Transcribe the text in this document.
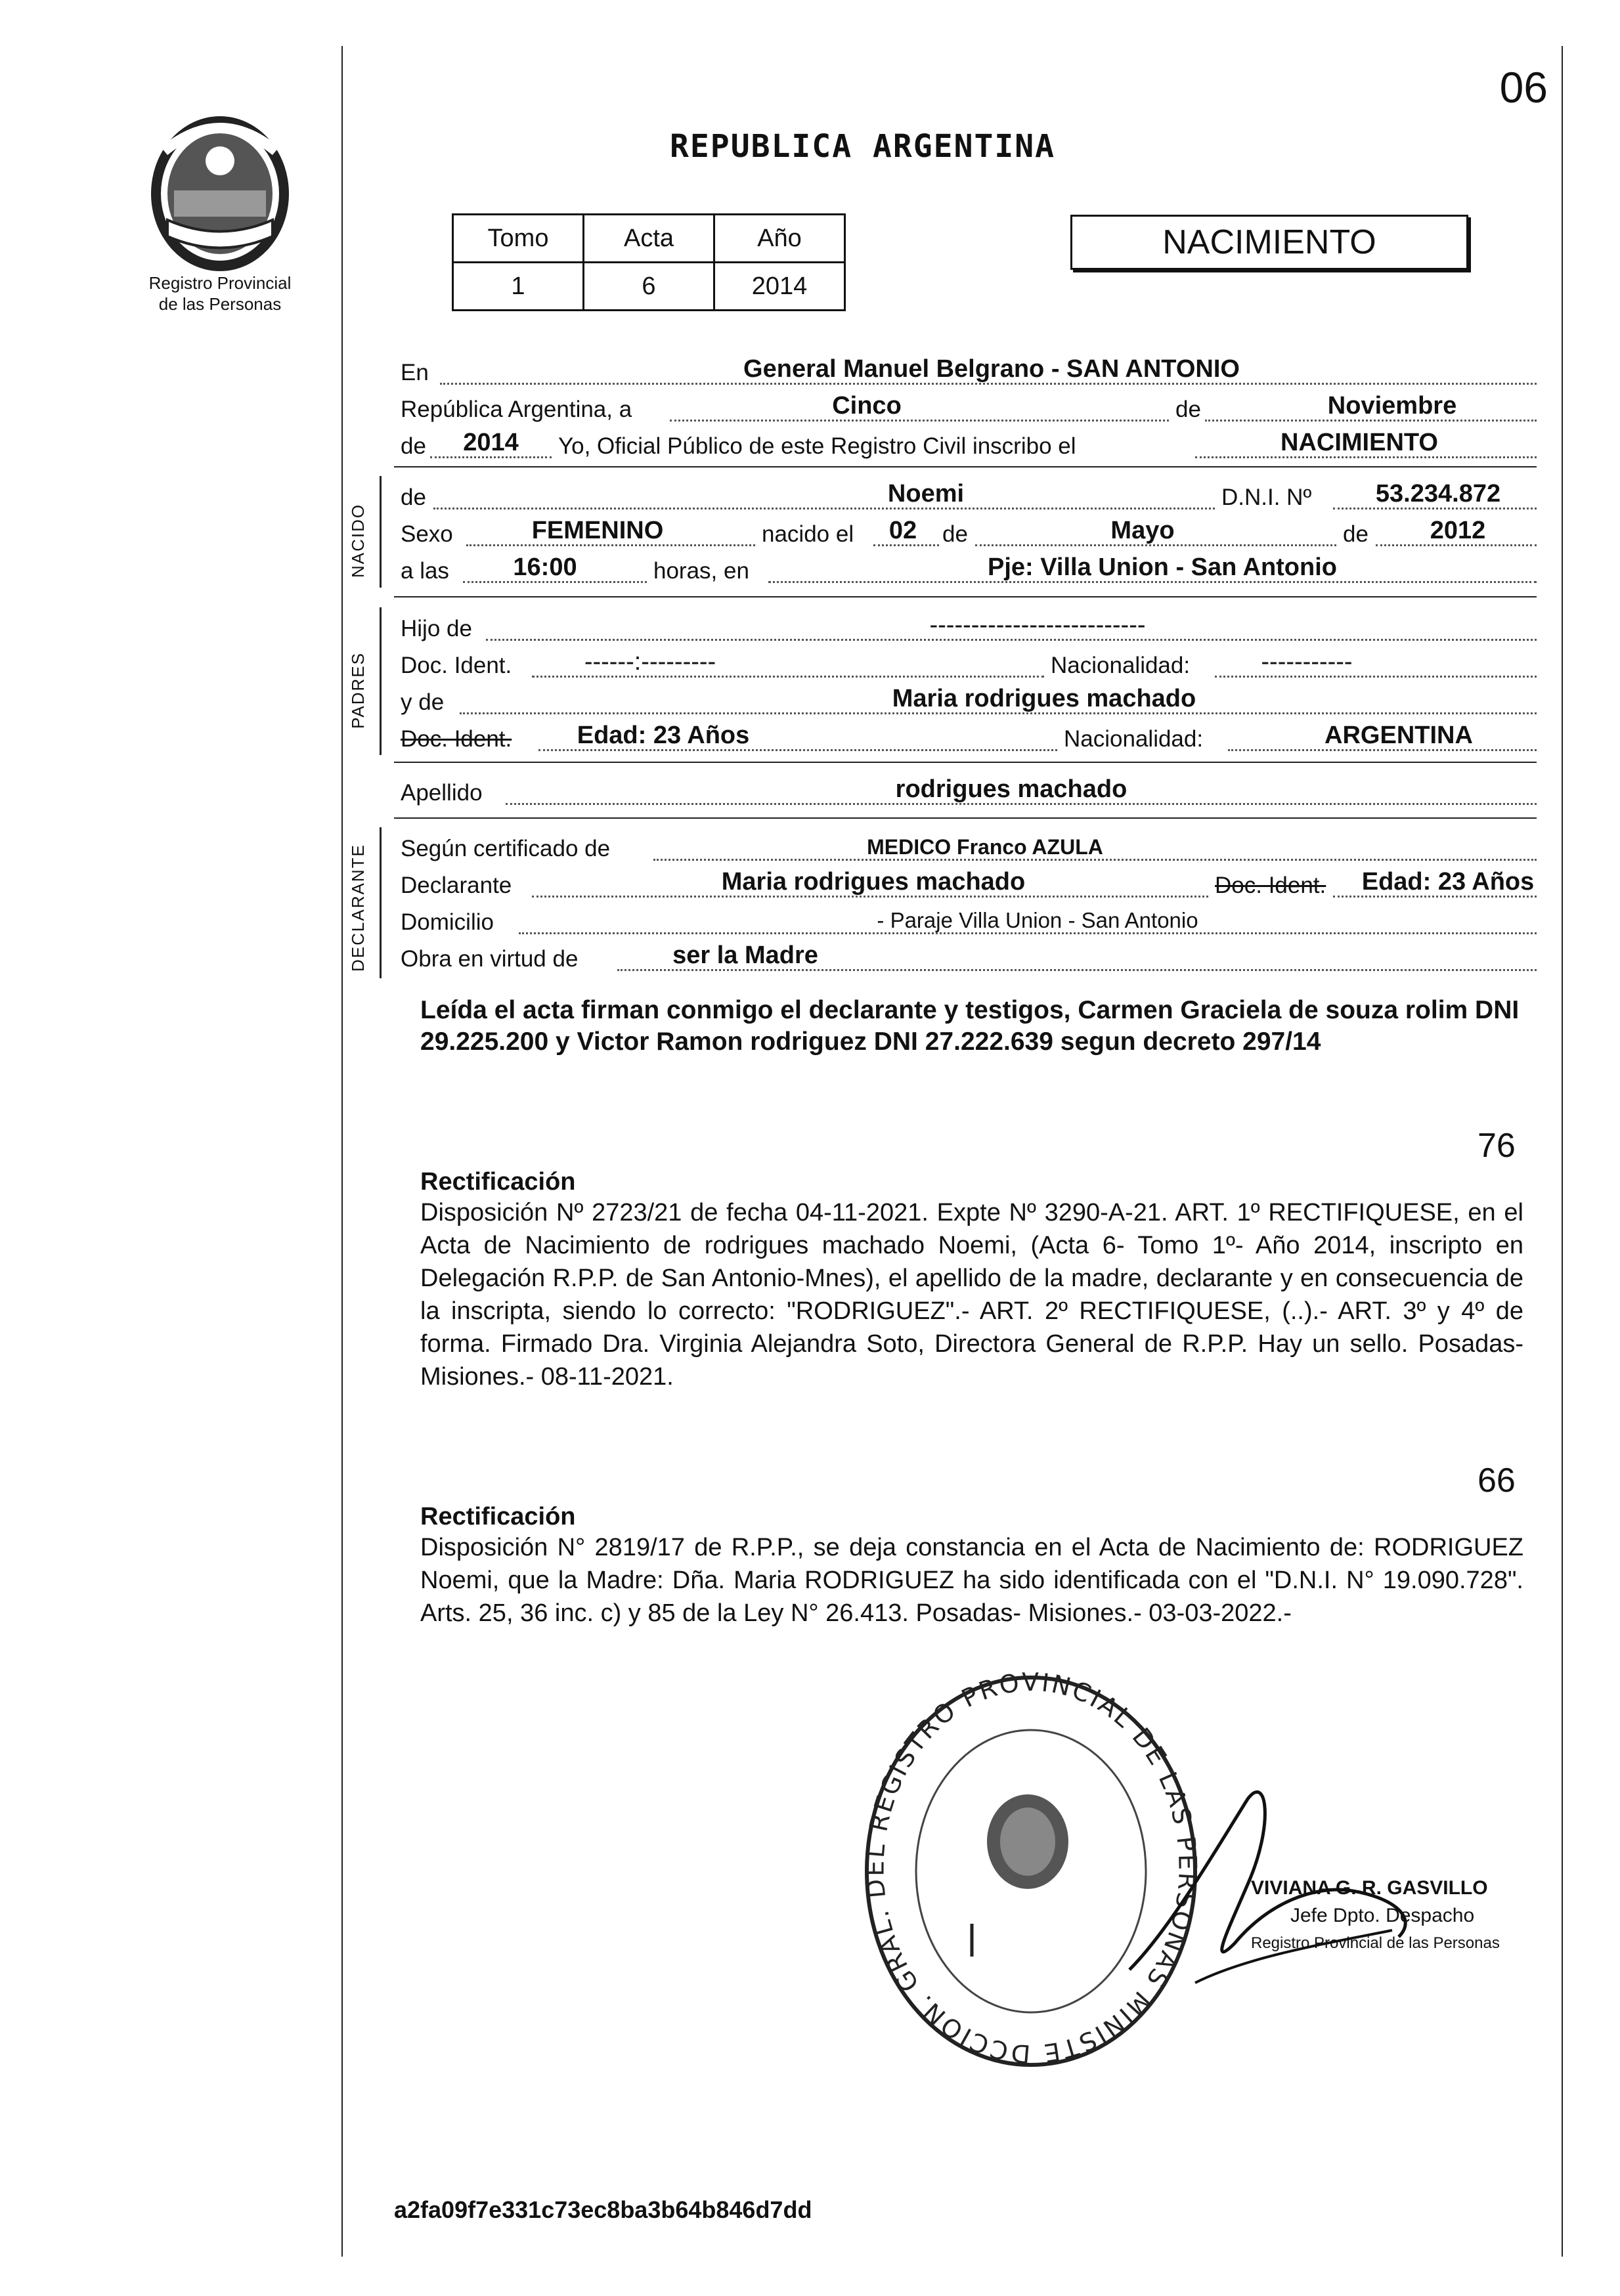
Registro Provincial
de las Personas
06
REPUBLICA ARGENTINA
Tomo	Acta	Año
1	6	2014
NACIMIENTO
En	General Manuel Belgrano - SAN ANTONIO
República Argentina, a	Cinco	de	Noviembre
de	2014	Yo, Oficial Público de este Registro Civil inscribo el	NACIMIENTO
NACIDO
de	Noemi	D.N.I. Nº	53.234.872
Sexo	FEMENINO	nacido el	02	de	Mayo	de	2012
a las	16:00	horas, en	Pje: Villa Union - San Antonio
PADRES
Hijo de	--------------------------
Doc. Ident.	------:---------	Nacionalidad:	-----------
y de	Maria rodrigues machado
Doc. Ident.	Edad: 23 Años	Nacionalidad:	ARGENTINA
Apellido	rodrigues machado
DECLARANTE Según certificado de	MEDICO Franco AZULA
Declarante	Maria rodrigues machado	Doc. Ident.	Edad: 23 Años
Domicilio	- Paraje Villa Union - San Antonio
Obra en virtud de	ser la Madre
Leída el acta firman conmigo el declarante y testigos, Carmen Graciela de souza rolim DNI 29.225.200 y Victor Ramon rodriguez DNI 27.222.639 segun decreto 297/14
76
Rectificación
Disposición Nº 2723/21 de fecha 04-11-2021. Expte Nº 3290-A-21. ART. 1º RECTIFIQUESE, en el Acta de Nacimiento de rodrigues machado Noemi, (Acta 6- Tomo 1º- Año 2014, inscripto en Delegación R.P.P. de San Antonio-Mnes), el apellido de la madre, declarante y en consecuencia de la inscripta, siendo lo correcto: "RODRIGUEZ".- ART. 2º RECTIFIQUESE, (..).- ART. 3º y 4º de forma. Firmado Dra. Virginia Alejandra Soto, Directora General de R.P.P. Hay un sello. Posadas- Misiones.- 08-11-2021.
66
Rectificación
Disposición N° 2819/17 de R.P.P., se deja constancia en el Acta de Nacimiento de: RODRIGUEZ Noemi, que la Madre: Dña. Maria RODRIGUEZ ha sido identificada con el "D.N.I. N° 19.090.728". Arts. 25, 36 inc. c) y 85 de la Ley N° 26.413. Posadas- Misiones.- 03-03-2022.-
DCCION. GRAL. DEL REGISTRO PROVINCIAL DE LAS PERSONAS MINISTE
VIVIANA G. R. GASVILLO
Jefe Dpto. Despacho
Registro Provincial de las Personas
a2fa09f7e331c73ec8ba3b64b846d7dd
